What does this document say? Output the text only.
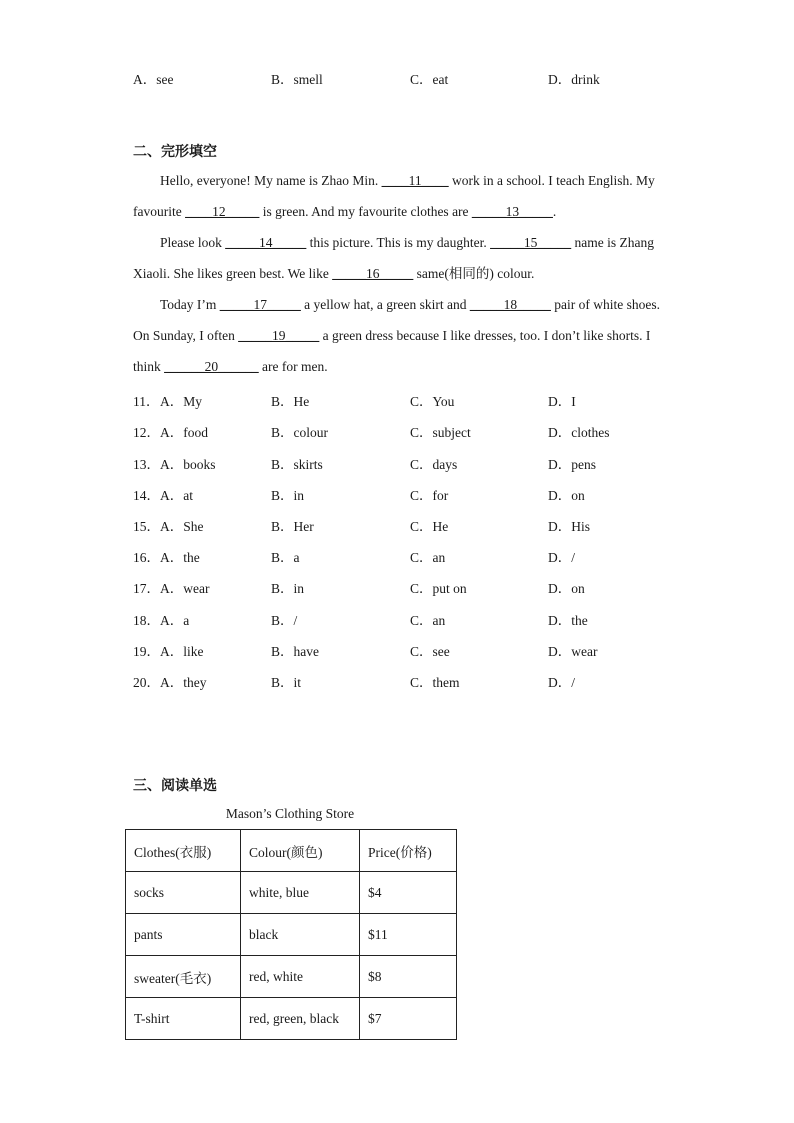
A．see	B．smell	C．eat	D．drink
二、完形填空

Hello, everyone! My name is Zhao Min. ____11____ work in a school. I teach English. My favourite ____12_____ is green. And my favourite clothes are _____13_____.

Please look _____14_____ this picture. This is my daughter. _____15_____ name is Zhang Xiaoli. She likes green best. We like _____16_____ same(相同的) colour.

Today I’m _____17_____ a yellow hat, a green skirt and _____18_____ pair of white shoes. On Sunday, I often _____19_____ a green dress because I like dresses, too. I don’t like shorts. I think ______20______ are for men.

11． A．My	B．He	C．You	D．I
12． A．food	B．colour	C．subject	D．clothes
13． A．books	B．skirts	C．days	D．pens
14． A．at	B．in	C．for	D．on
15． A．She	B．Her	C．He	D．His
16． A．the	B．a	C．an	D．/
17． A．wear	B．in	C．put on	D．on
18． A．a	B．/	C．an	D．the
19． A．like	B．have	C．see	D．wear
20． A．they	B．it	C．them	D．/
三、阅读单选
Mason’s Clothing Store
Clothes(衣服)	Colour(颜色)	Price(价格)
socks	white, blue	$4
pants	black	$11
sweater(毛衣)	red, white	$8
T-shirt	red, green, black	$7
